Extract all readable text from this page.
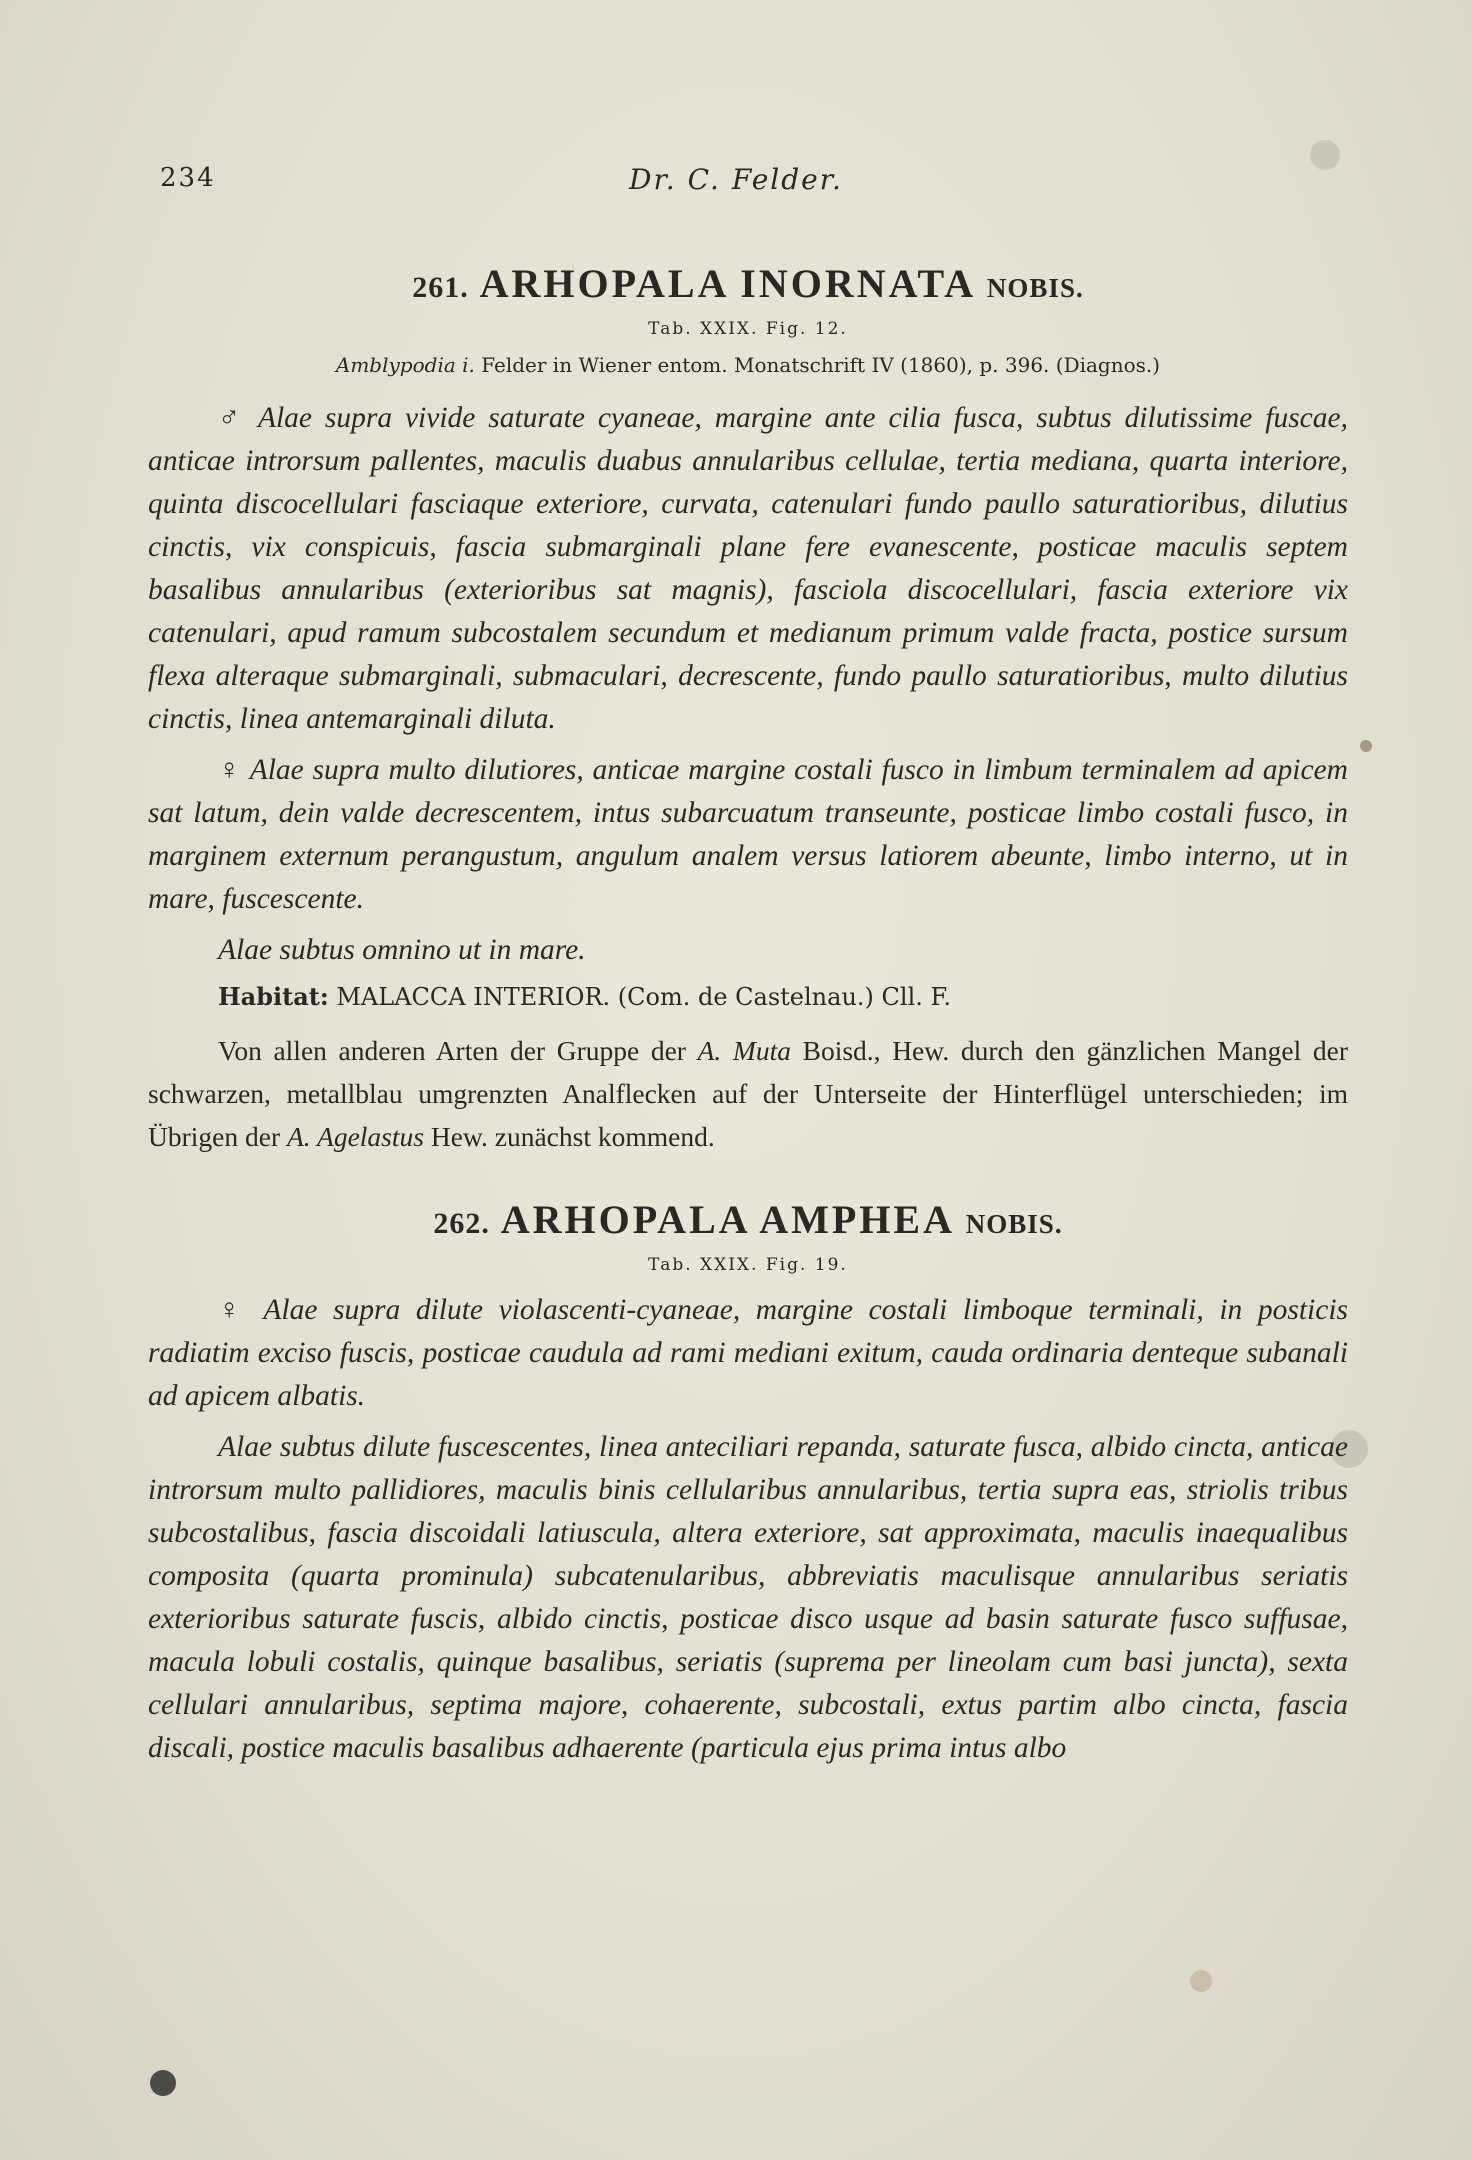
234	Dr. C. Felder.
261. ARHOPALA INORNATA NOBIS.
Tab. XXIX. Fig. 12.
Amblypodia i. Felder in Wiener entom. Monatschrift IV (1860), p. 396. (Diagnos.)

♂ Alae supra vivide saturate cyaneae, margine ante cilia fusca, subtus dilutissime fuscae, anticae introrsum pallentes, maculis duabus annularibus cellulae, tertia mediana, quarta interiore, quinta discocellulari fasciaque exteriore, curvata, catenulari fundo paullo saturatioribus, dilutius cinctis, vix conspicuis, fascia submarginali plane fere evanescente, posticae maculis septem basalibus annularibus (exterioribus sat magnis), fasciola discocellulari, fascia exteriore vix catenulari, apud ramum subcostalem secundum et medianum primum valde fracta, postice sursum flexa alteraque submarginali, submaculari, decrescente, fundo paullo saturatioribus, multo dilutius cinctis, linea antemarginali diluta.

♀ Alae supra multo dilutiores, anticae margine costali fusco in limbum terminalem ad apicem sat latum, dein valde decrescentem, intus subarcuatum transeunte, posticae limbo costali fusco, in marginem externum perangustum, angulum analem versus latiorem abeunte, limbo interno, ut in mare, fuscescente.

Alae subtus omnino ut in mare.

Habitat: MALACCA INTERIOR. (Com. de Castelnau.) Cll. F.

Von allen anderen Arten der Gruppe der A. Muta Boisd., Hew. durch den gänzlichen Mangel der schwarzen, metallblau umgrenzten Analflecken auf der Unterseite der Hinterflügel unterschieden; im Übrigen der A. Agelastus Hew. zunächst kommend.

262. ARHOPALA AMPHEA NOBIS.
Tab. XXIX. Fig. 19.

♀ Alae supra dilute violascenti-cyaneae, margine costali limboque terminali, in posticis radiatim exciso fuscis, posticae caudula ad rami mediani exitum, cauda ordinaria denteque subanali ad apicem albatis.

Alae subtus dilute fuscescentes, linea anteciliari repanda, saturate fusca, albido cincta, anticae introrsum multo pallidiores, maculis binis cellularibus annularibus, tertia supra eas, striolis tribus subcostalibus, fascia discoidali latiuscula, altera exteriore, sat approximata, maculis inaequalibus composita (quarta prominula) subcatenularibus, abbreviatis maculisque annularibus seriatis exterioribus saturate fuscis, albido cinctis, posticae disco usque ad basin saturate fusco suffusae, macula lobuli costalis, quinque basalibus, seriatis (suprema per lineolam cum basi juncta), sexta cellulari annularibus, septima majore, cohaerente, subcostali, extus partim albo cincta, fascia discali, postice maculis basalibus adhaerente (particula ejus prima intus albo
